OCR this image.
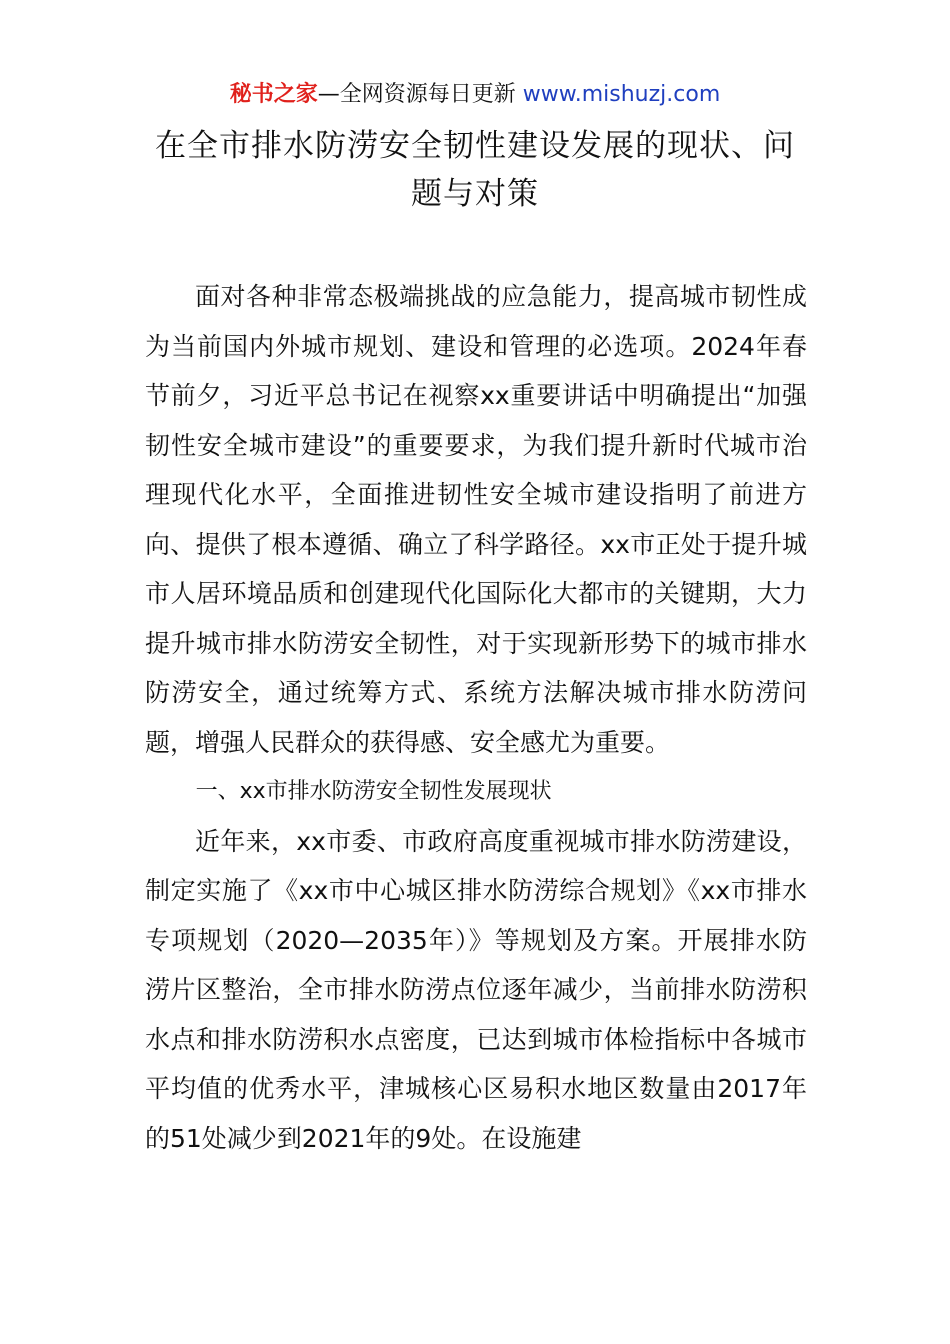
秘书之家—全网资源每日更新 www.mishuzj.com
在全市排水防涝安全韧性建设发展的现状、问题与对策

面对各种非常态极端挑战的应急能力，提高城市韧性成为当前国内外城市规划、建设和管理的必选项。2024年春节前夕，习近平总书记在视察xx重要讲话中明确提出“加强韧性安全城市建设”的重要要求，为我们提升新时代城市治理现代化水平，全面推进韧性安全城市建设指明了前进方向、提供了根本遵循、确立了科学路径。xx市正处于提升城市人居环境品质和创建现代化国际化大都市的关键期，大力提升城市排水防涝安全韧性，对于实现新形势下的城市排水防涝安全，通过统筹方式、系统方法解决城市排水防涝问题，增强人民群众的获得感、安全感尤为重要。

一、xx市排水防涝安全韧性发展现状

近年来，xx市委、市政府高度重视城市排水防涝建设，制定实施了《xx市中心城区排水防涝综合规划》《xx市排水专项规划（2020—2035年）》等规划及方案。开展排水防涝片区整治，全市排水防涝点位逐年减少，当前排水防涝积水点和排水防涝积水点密度，已达到城市体检指标中各城市平均值的优秀水平，津城核心区易积水地区数量由2017年的51处减少到2021年的9处。在设施建
